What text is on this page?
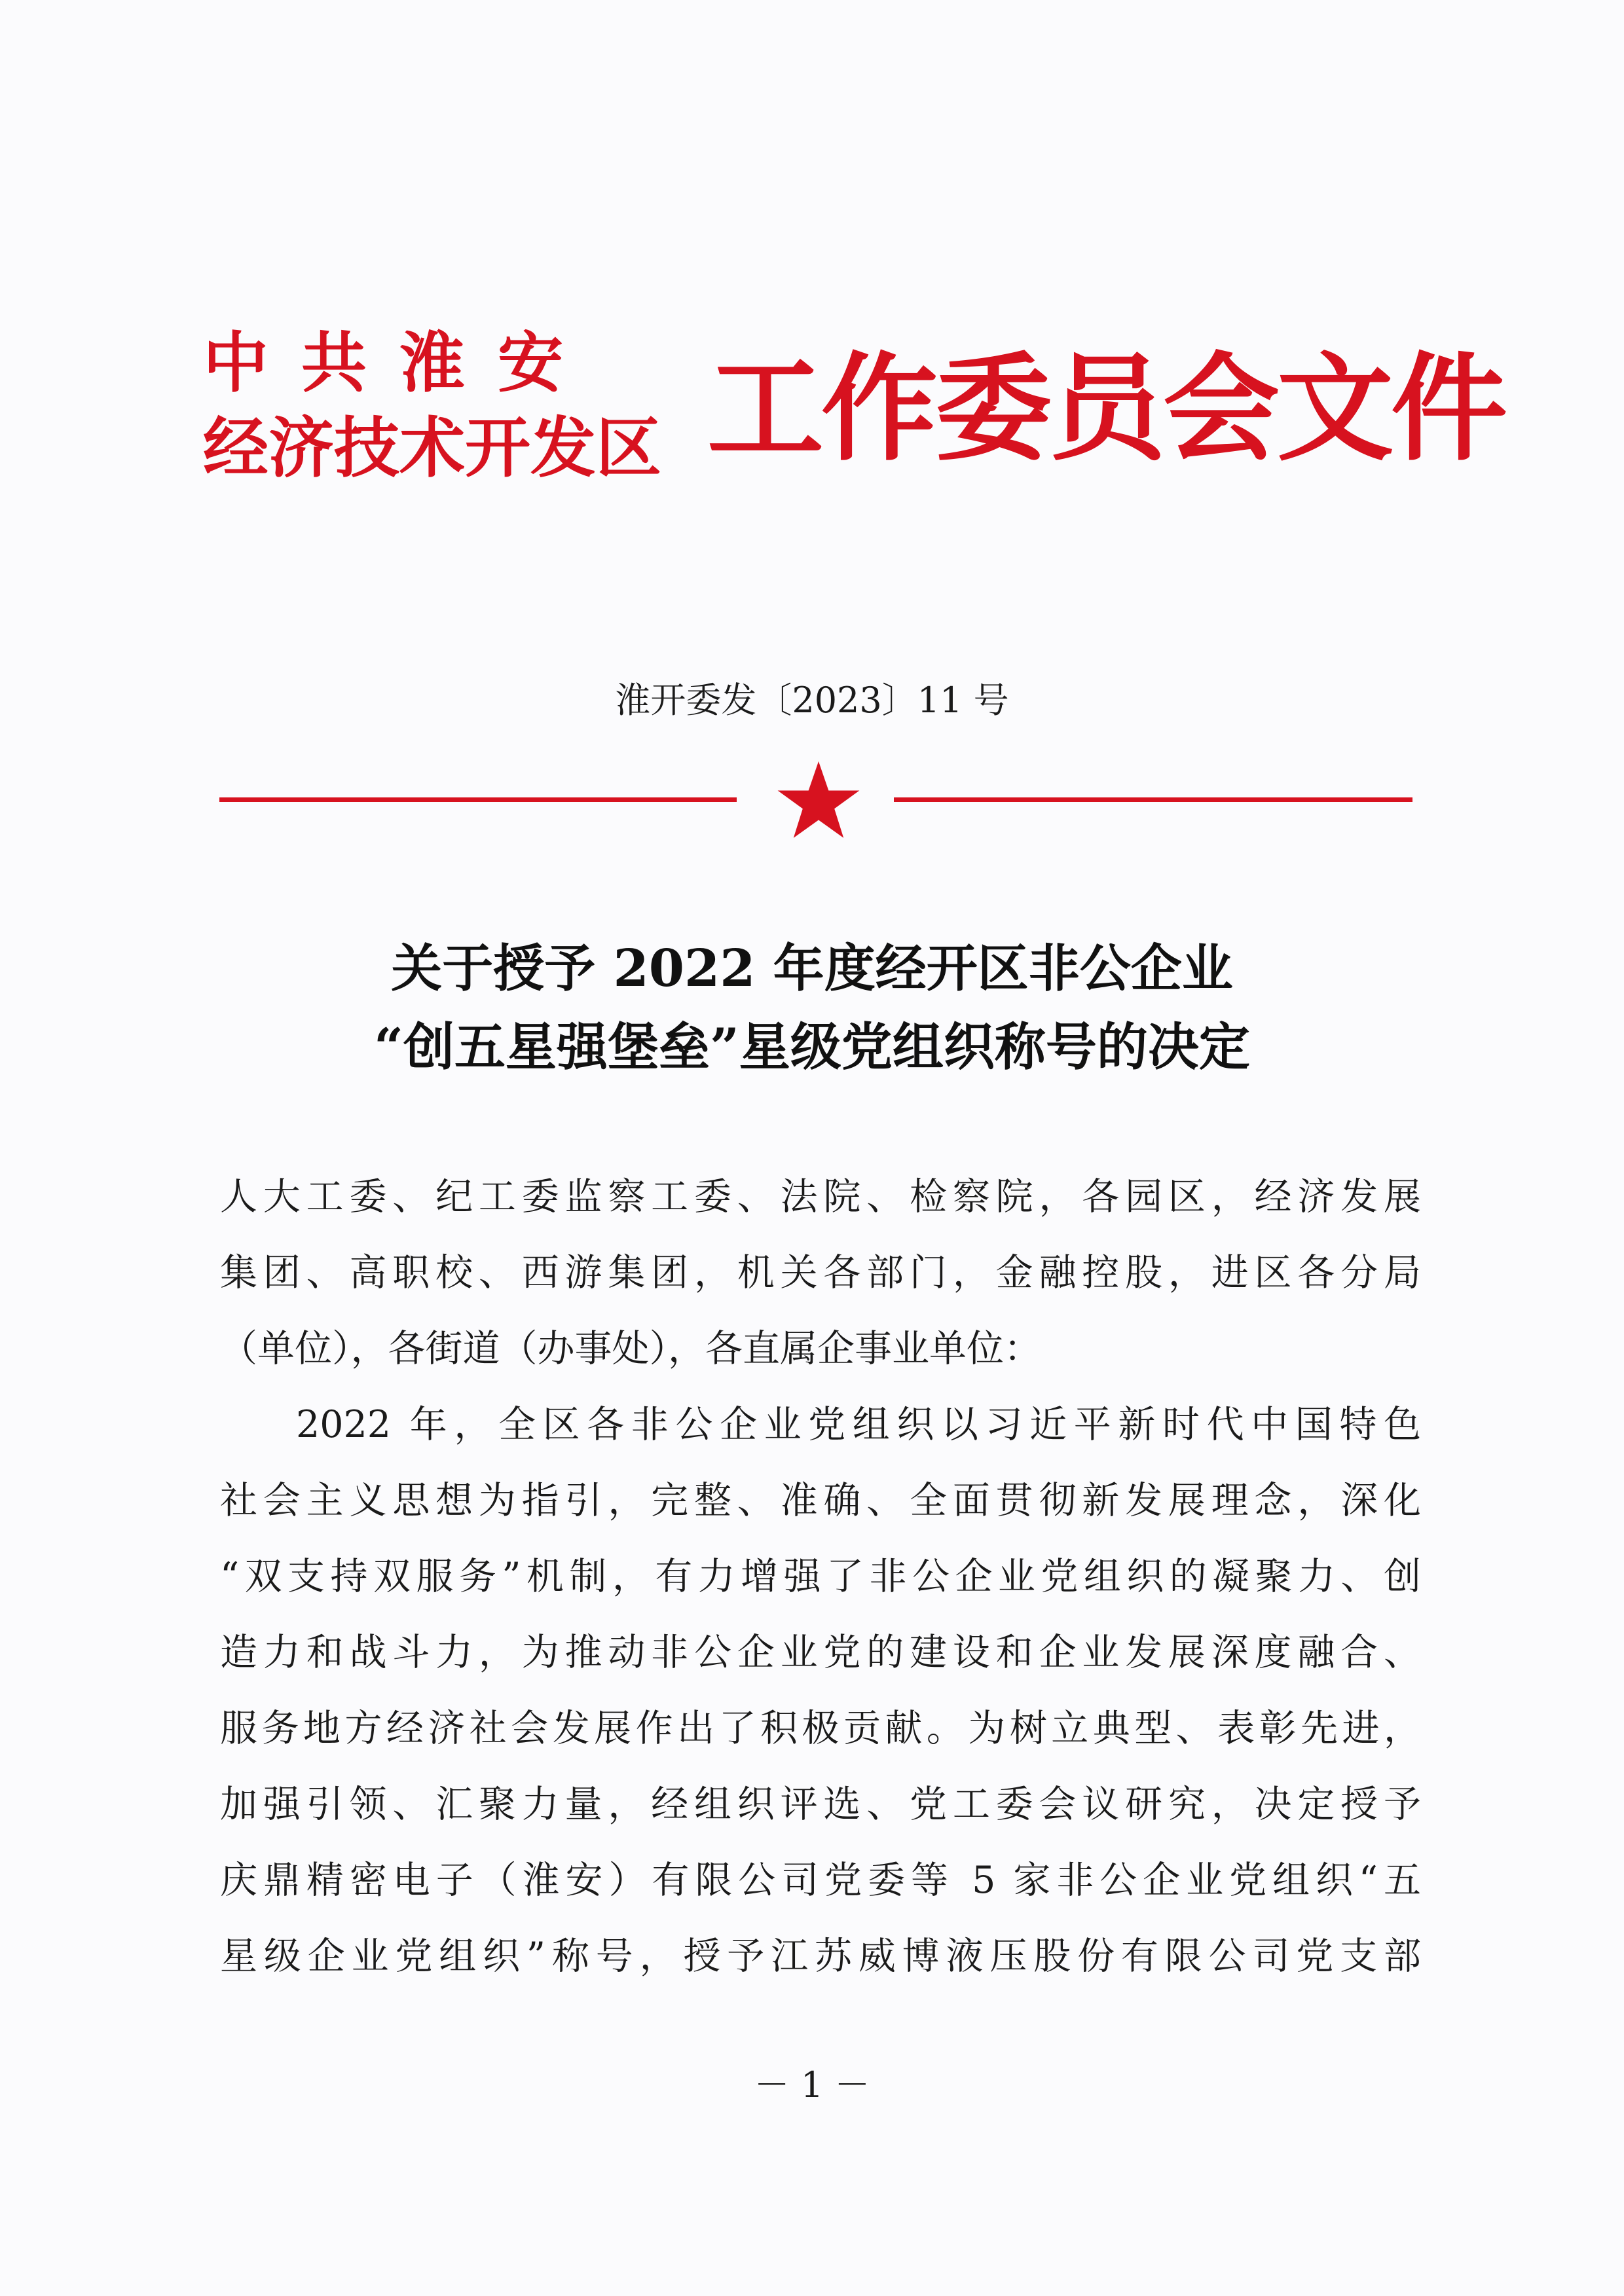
中共淮安
经济技术开发区 工作委员会文件
淮开委发〔2023〕11 号
关于授予 2022 年度经开区非公企业
“创五星强堡垒”星级党组织称号的决定
人大工委、纪工委监察工委、法院、检察院，各园区，经济发展
集团、高职校、西游集团，机关各部门，金融控股，进区各分局
（单位），各街道（办事处），各直属企事业单位：
2022 年，全区各非公企业党组织以习近平新时代中国特色
社会主义思想为指引，完整、准确、全面贯彻新发展理念，深化
“双支持双服务”机制，有力增强了非公企业党组织的凝聚力、创
造力和战斗力，为推动非公企业党的建设和企业发展深度融合、
服务地方经济社会发展作出了积极贡献。为树立典型、表彰先进，
加强引领、汇聚力量，经组织评选、党工委会议研究，决定授予
庆鼎精密电子（淮安）有限公司党委等 5 家非公企业党组织“五
星级企业党组织”称号，授予江苏威博液压股份有限公司党支部
－ 1 －
